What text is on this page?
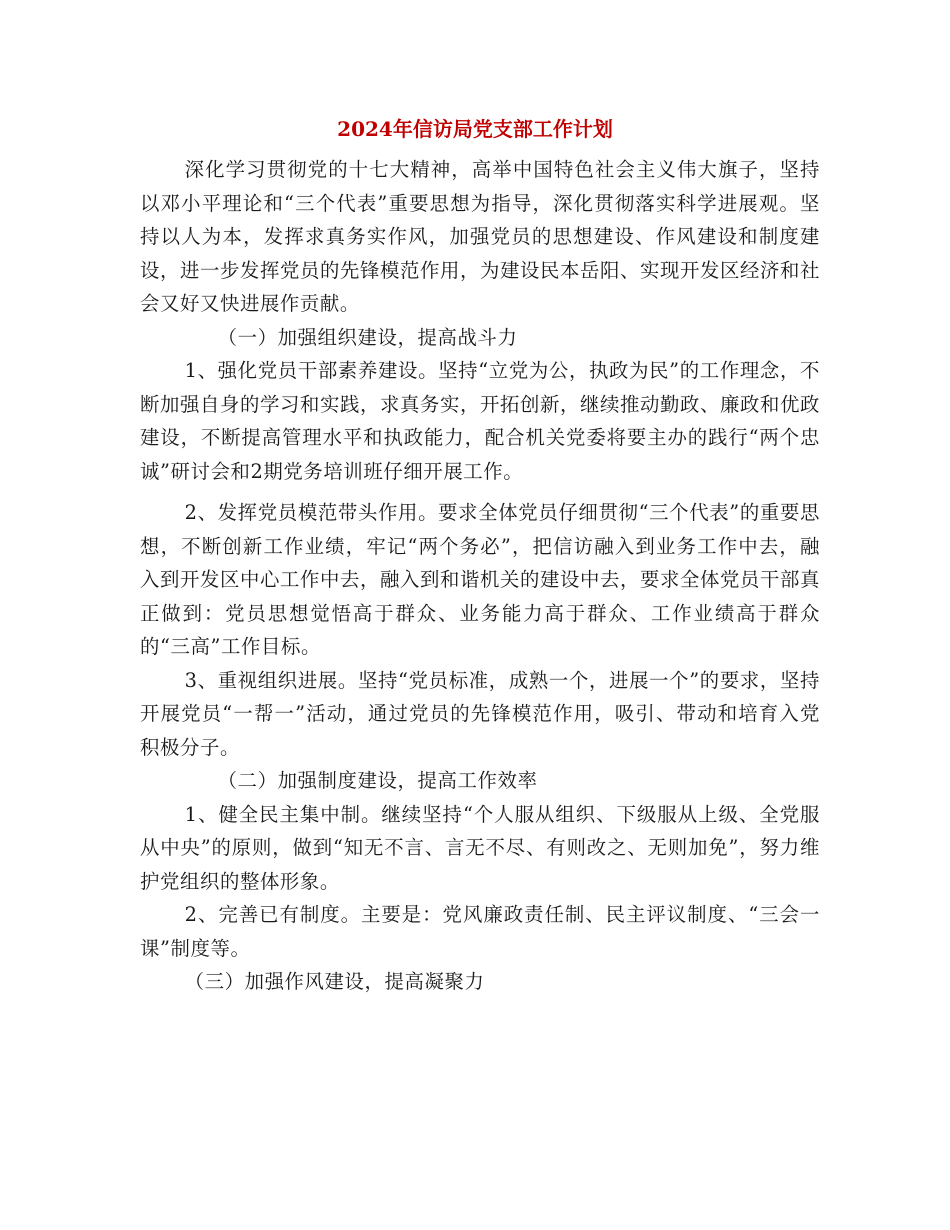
2024年信访局党支部工作计划

深化学习贯彻党的十七大精神，高举中国特色社会主义伟大旗子，坚持以邓小平理论和“三个代表”重要思想为指导，深化贯彻落实科学进展观。坚持以人为本，发挥求真务实作风，加强党员的思想建设、作风建设和制度建设，进一步发挥党员的先锋模范作用，为建设民本岳阳、实现开发区经济和社会又好又快进展作贡献。

（一）加强组织建设，提高战斗力

1、强化党员干部素养建设。坚持“立党为公，执政为民”的工作理念，不断加强自身的学习和实践，求真务实，开拓创新，继续推动勤政、廉政和优政建设，不断提高管理水平和执政能力，配合机关党委将要主办的践行“两个忠诚”研讨会和2期党务培训班仔细开展工作。

2、发挥党员模范带头作用。要求全体党员仔细贯彻“三个代表”的重要思想，不断创新工作业绩，牢记“两个务必”，把信访融入到业务工作中去，融入到开发区中心工作中去，融入到和谐机关的建设中去，要求全体党员干部真正做到：党员思想觉悟高于群众、业务能力高于群众、工作业绩高于群众的“三高”工作目标。

3、重视组织进展。坚持“党员标准，成熟一个，进展一个”的要求，坚持开展党员“一帮一”活动，通过党员的先锋模范作用，吸引、带动和培育入党积极分子。

（二）加强制度建设，提高工作效率

1、健全民主集中制。继续坚持“个人服从组织、下级服从上级、全党服从中央”的原则，做到“知无不言、言无不尽、有则改之、无则加免”，努力维护党组织的整体形象。

2、完善已有制度。主要是：党风廉政责任制、民主评议制度、“三会一课”制度等。

（三）加强作风建设，提高凝聚力
